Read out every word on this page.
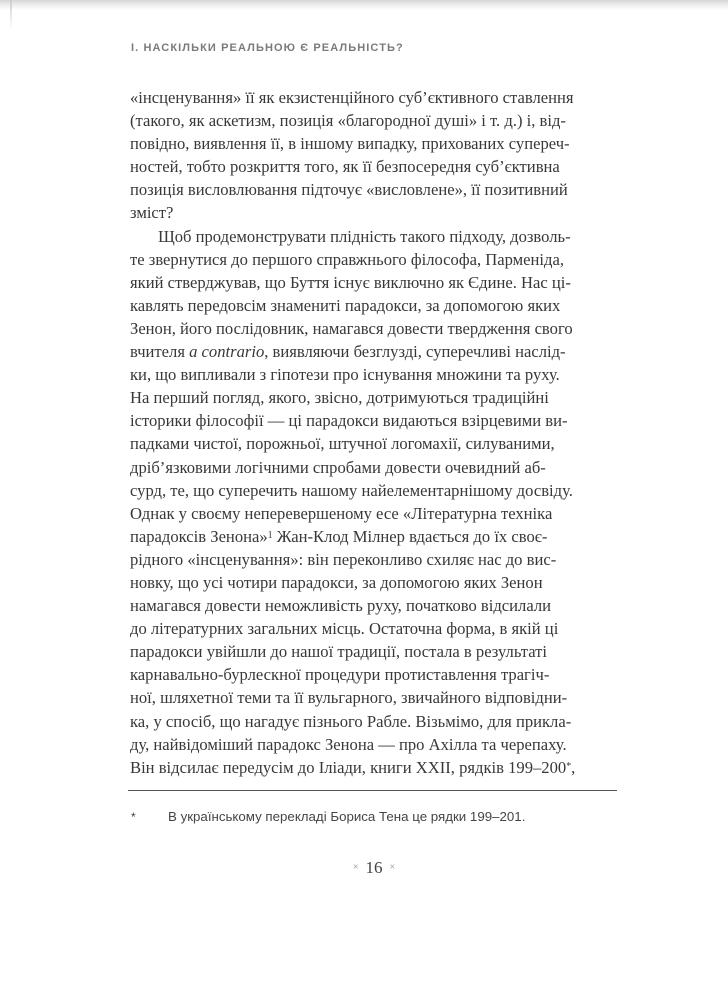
І. НАСКІЛЬКИ РЕАЛЬНОЮ Є РЕАЛЬНІСТЬ?
«інсценування» її як екзистенційного суб’єктивного ставлення
(такого, як аскетизм, позиція «благородної душі» і т. д.) і, від-
повідно, виявлення її, в іншому випадку, прихованих супереч-
ностей, тобто розкриття того, як її безпосередня суб’єктивна
позиція висловлювання підточує «висловлене», її позитивний
зміст?
Щоб продемонструвати плідність такого підходу, дозволь-
те звернутися до першого справжнього філософа, Парменіда,
який стверджував, що Буття існує виключно як Єдине. Нас ці-
кавлять передовсім знамениті парадокси, за допомогою яких
Зенон, його послідовник, намагався довести твердження свого
вчителя a contrario, виявляючи безглузді, суперечливі наслід-
ки, що випливали з гіпотези про існування множини та руху.
На перший погляд, якого, звісно, дотримуються традиційні
історики філософії — ці парадокси видаються взірцевими ви-
падками чистої, порожньої, штучної логомахії, силуваними,
дріб’язковими логічними спробами довести очевидний аб-
сурд, те, що суперечить нашому найелементарнішому досвіду.
Однак у своєму неперевершеному есе «Літературна техніка
парадоксів Зенона»$^1$ Жан-Клод Мілнер вдається до їх своє-
рідного «інсценування»: він переконливо схиляє нас до вис-
новку, що усі чотири парадокси, за допомогою яких Зенон
намагався довести неможливість руху, початково відсилали
до літературних загальних місць. Остаточна форма, в якій ці
парадокси увійшли до нашої традиції, постала в результаті
карнавально-бурлескної процедури протиставлення трагіч-
ної, шляхетної теми та її вульгарного, звичайного відповідни-
ка, у спосіб, що нагадує пізнього Рабле. Візьмімо, для прикла-
ду, найвідоміший парадокс Зенона — про Ахілла та черепаху.
Він відсилає передусім до Іліади, книги XXII, рядків 199–200*,
*	В українському перекладі Бориса Тена це рядки 199–201.
× 16 ×
